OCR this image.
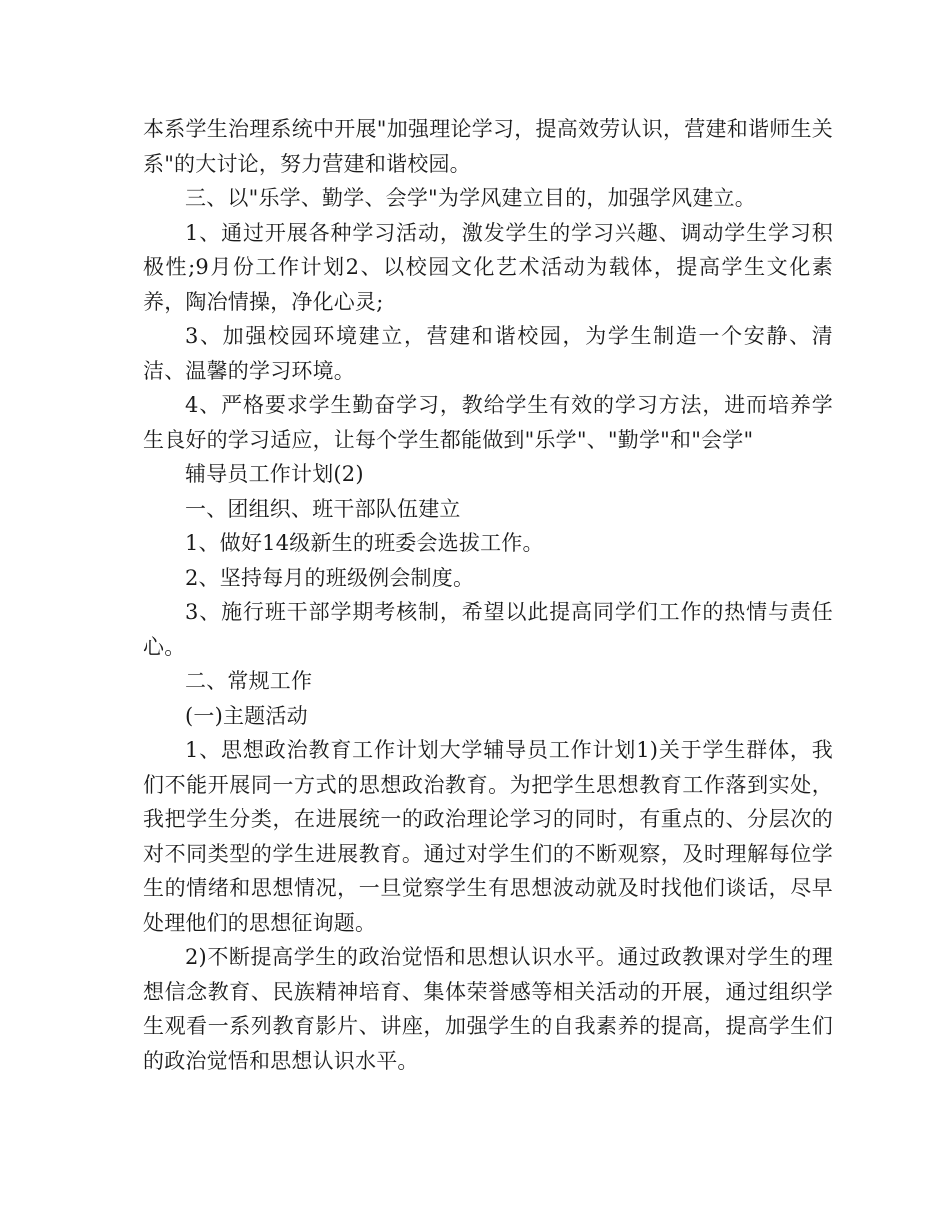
本系学生治理系统中开展"加强理论学习，提高效劳认识，营建和谐师生关系"的大讨论，努力营建和谐校园。

三、以"乐学、勤学、会学"为学风建立目的，加强学风建立。

1、通过开展各种学习活动，激发学生的学习兴趣、调动学生学习积极性;9月份工作计划2、以校园文化艺术活动为载体，提高学生文化素养，陶冶情操，净化心灵;

3、加强校园环境建立，营建和谐校园，为学生制造一个安静、清洁、温馨的学习环境。

4、严格要求学生勤奋学习，教给学生有效的学习方法，进而培养学生良好的学习适应，让每个学生都能做到"乐学"、"勤学"和"会学"

辅导员工作计划(2)

一、团组织、班干部队伍建立

1、做好14级新生的班委会选拔工作。

2、坚持每月的班级例会制度。

3、施行班干部学期考核制，希望以此提高同学们工作的热情与责任心。

二、常规工作

(一)主题活动

1、思想政治教育工作计划大学辅导员工作计划1)关于学生群体，我们不能开展同一方式的思想政治教育。为把学生思想教育工作落到实处，我把学生分类，在进展统一的政治理论学习的同时，有重点的、分层次的对不同类型的学生进展教育。通过对学生们的不断观察，及时理解每位学生的情绪和思想情况，一旦觉察学生有思想波动就及时找他们谈话，尽早处理他们的思想征询题。

2)不断提高学生的政治觉悟和思想认识水平。通过政教课对学生的理想信念教育、民族精神培育、集体荣誉感等相关活动的开展，通过组织学生观看一系列教育影片、讲座，加强学生的自我素养的提高，提高学生们的政治觉悟和思想认识水平。
